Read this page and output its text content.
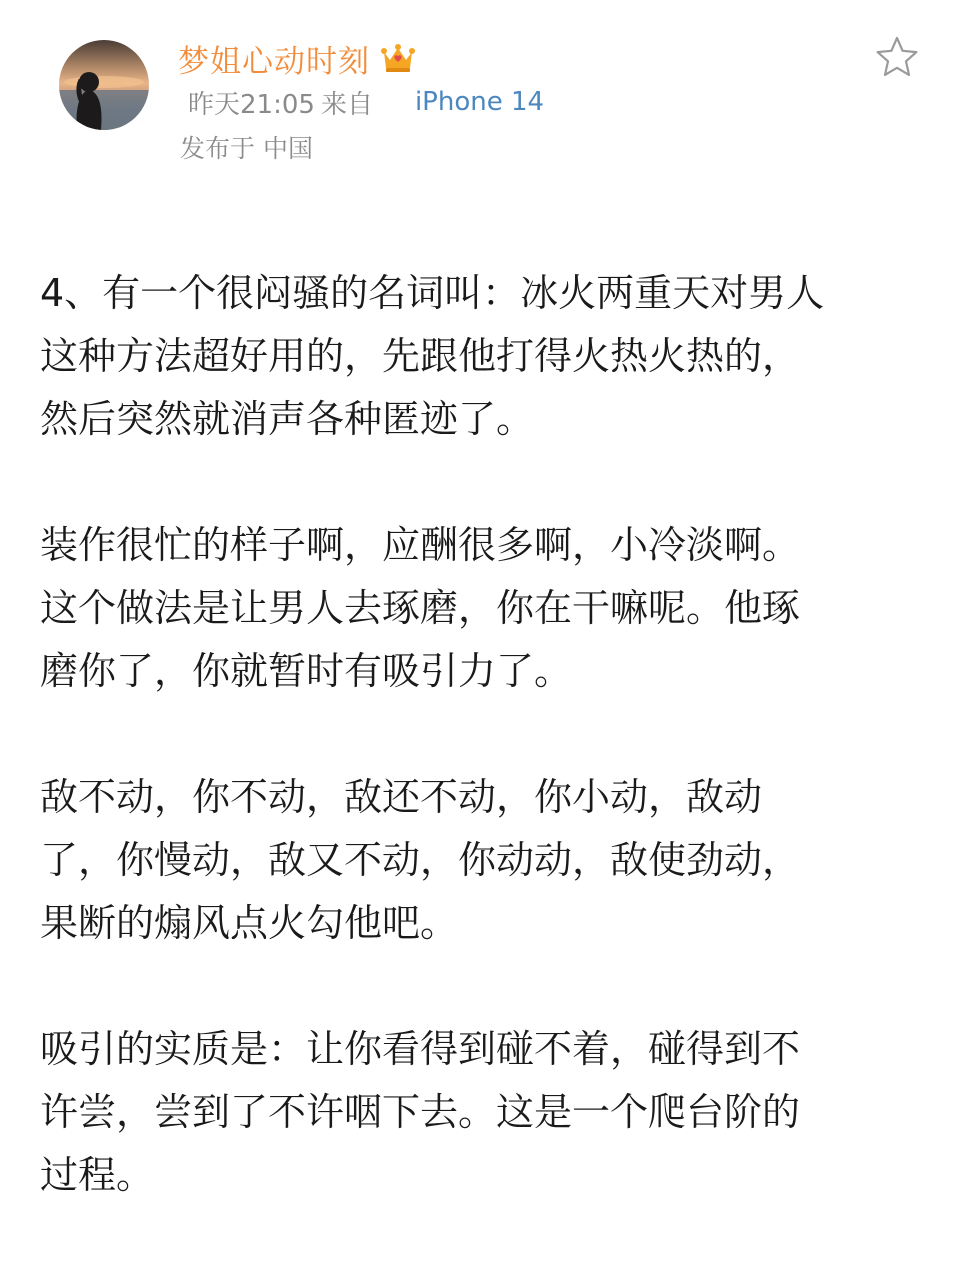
梦姐心动时刻
昨天21:05 来自 iPhone 14
发布于 中国

4、有一个很闷骚的名词叫：冰火两重天对男人
这种方法超好用的，先跟他打得火热火热的，
然后突然就消声各种匿迹了。

装作很忙的样子啊，应酬很多啊，小冷淡啊。
这个做法是让男人去琢磨，你在干嘛呢。他琢
磨你了，你就暂时有吸引力了。

敌不动，你不动，敌还不动，你小动，敌动
了，你慢动，敌又不动，你动动，敌使劲动，
果断的煽风点火勾他吧。

吸引的实质是：让你看得到碰不着，碰得到不
许尝，尝到了不许咽下去。这是一个爬台阶的
过程。
